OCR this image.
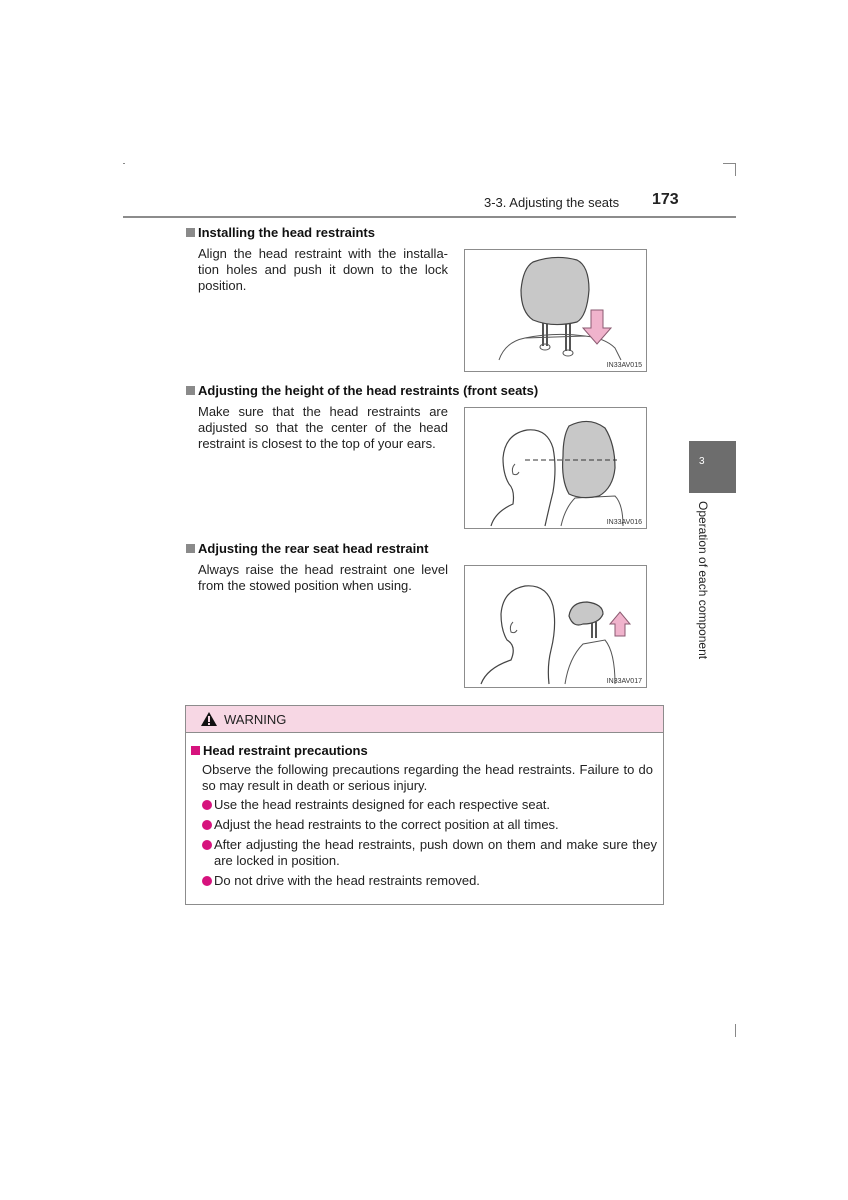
3-3. Adjusting the seats 173
3
Operation of each component
Installing the head restraints
Align the head restraint with the installa-tion holes and push it down to the lock position.
IN33AV015
Adjusting the height of the head restraints (front seats)
Make sure that the head restraints are adjusted so that the center of the head restraint is closest to the top of your ears.
IN33AV016
Adjusting the rear seat head restraint
Always raise the head restraint one level from the stowed position when using.
IN33AV017
WARNING
Head restraint precautions
Observe the following precautions regarding the head restraints. Failure to do so may result in death or serious injury.
Use the head restraints designed for each respective seat.
Adjust the head restraints to the correct position at all times.
After adjusting the head restraints, push down on them and make sure they are locked in position.
Do not drive with the head restraints removed.
